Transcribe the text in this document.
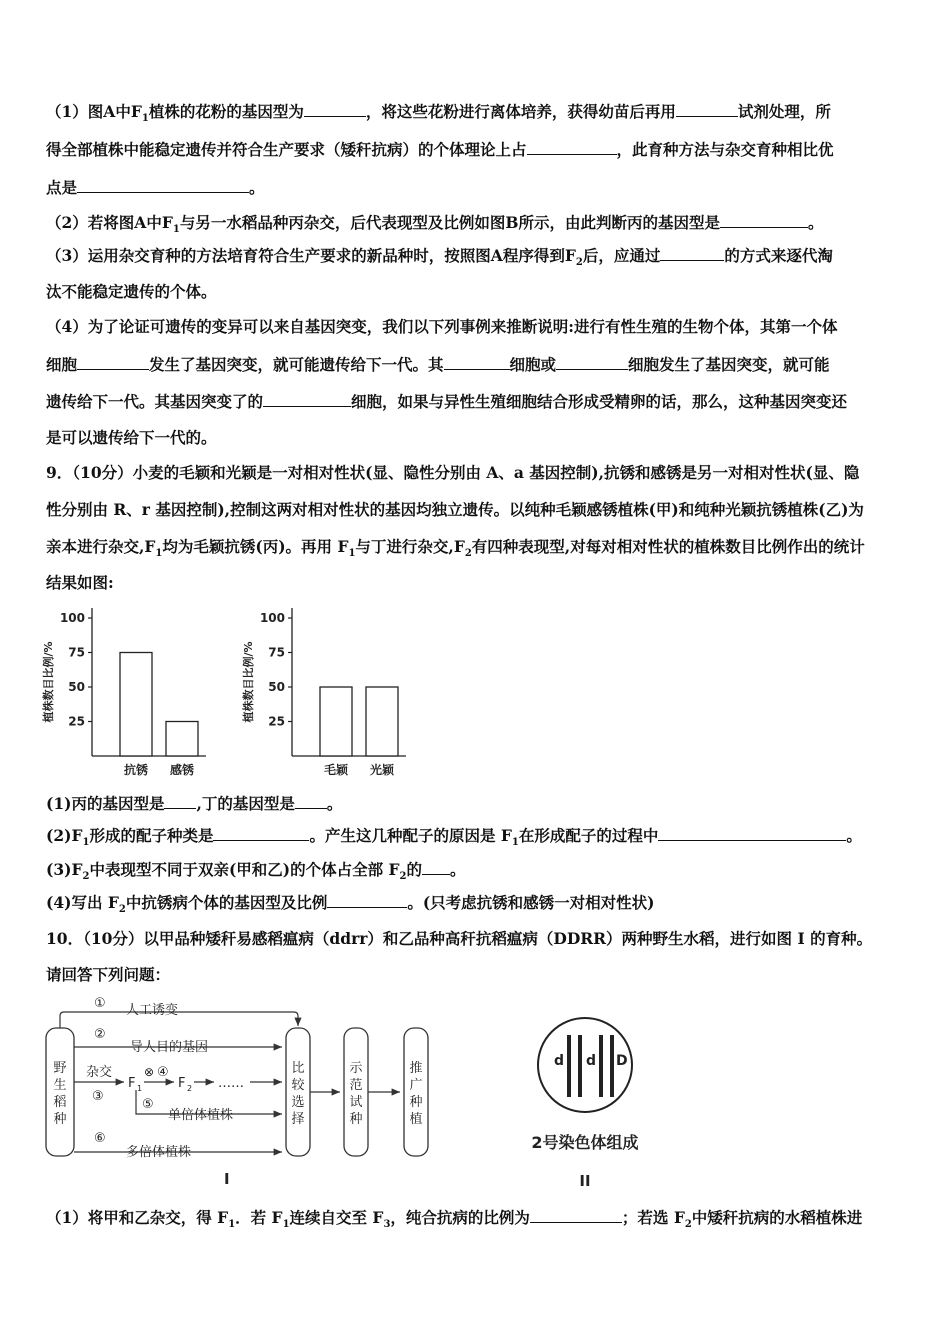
（1）图A中$F_1$植株的花粉的基因型为	，将这些花粉进行离体培养，获得幼苗后再用	试剂处理，所
得全部植株中能稳定遗传并符合生产要求（矮秆抗病）的个体理论上占	，此育种方法与杂交育种相比优
点是	。
（2）若将图A中$F_1$与另一水稻品种丙杂交，后代表现型及比例如图B所示，由此判断丙的基因型是	。
（3）运用杂交育种的方法培育符合生产要求的新品种时，按照图A程序得到$F_2$后，应通过	的方式来逐代淘
汰不能稳定遗传的个体。
（4）为了论证可遗传的变异可以来自基因突变，我们以下列事例来推断说明:进行有性生殖的生物个体，其第一个体
细胞	发生了基因突变，就可能遗传给下一代。其	细胞或	细胞发生了基因突变，就可能
遗传给下一代。其基因突变了的	细胞，如果与异性生殖细胞结合形成受精卵的话，那么，这种基因突变还
是可以遗传给下一代的。
9．（10分）小麦的毛颖和光颖是一对相对性状(显、隐性分别由 A、a 基因控制),抗锈和感锈是另一对相对性状(显、隐
性分别由 R、r 基因控制),控制这两对相对性状的基因均独立遗传。以纯种毛颖感锈植株(甲)和纯种光颖抗锈植株(乙)为
亲本进行杂交$,F_1$均为毛颖抗锈(丙)。再用 $F_1$与丁进行杂交$,F_2$有四种表现型,对每对相对性状的植株数目比例作出的统计
结果如图:
25
50
75
100
植株数目比例/%
抗锈 感锈
25
50
75
100
植株数目比例/%
毛颖 光颖
(1)丙的基因型是 ,丁的基因型是 。
$(2)F_1$形成的配子种类是	。产生这几种配子的原因是 $F_1$在形成配子的过程中	。
$(3)F_2$中表现型不同于双亲(甲和乙)的个体占全部 $F_2$的 。
(4)写出 $F_2$中抗锈病个体的基因型及比例	。(只考虑抗锈和感锈一对相对性状)
10．（10分）以甲品种矮秆易感稻瘟病（ddrr）和乙品种高秆抗稻瘟病（DDRR）两种野生水稻，进行如图 I 的育种。
请回答下列问题：
野
生
稻
种
① 人工诱变
②
导人目的基因
杂交
③
F 1
⊗ ④
F 2 ……
⑤
单倍体植株
⑥
多倍体植株
比
较
选
择
示
范
试
种
推
广
种
植
I
d d D
2号染色体组成
II
（1）将甲和乙杂交，得 $F_1$．若 $F_1$连续自交至 $F_3$，纯合抗病的比例为	；若选 $F_2$中矮秆抗病的水稻植株进
